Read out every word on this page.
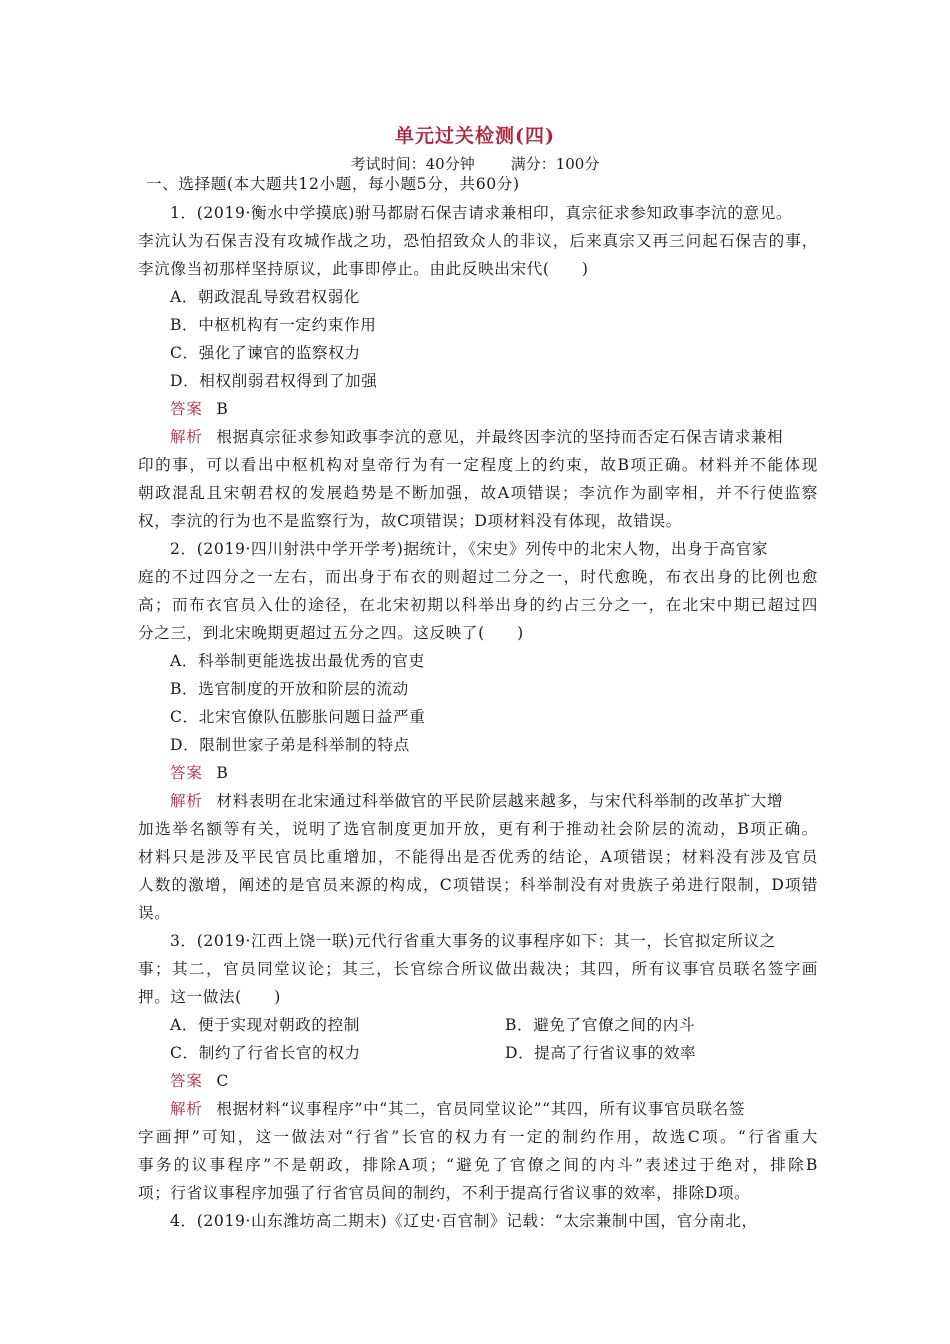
单元过关检测(四)
考试时间：40分钟 满分：100分
一、选择题(本大题共12小题，每小题5分，共60分)
1．(2019·衡水中学摸底)驸马都尉石保吉请求兼相印，真宗征求参知政事李沆的意见。
李沆认为石保吉没有攻城作战之功，恐怕招致众人的非议，后来真宗又再三问起石保吉的事，
李沆像当初那样坚持原议，此事即停止。由此反映出宋代(　　)
A．朝政混乱导致君权弱化
B．中枢机构有一定约束作用
C．强化了谏官的监察权力
D．相权削弱君权得到了加强
答案 B
解析 根据真宗征求参知政事李沆的意见，并最终因李沆的坚持而否定石保吉请求兼相
印的事，可以看出中枢机构对皇帝行为有一定程度上的约束，故B项正确。材料并不能体现
朝政混乱且宋朝君权的发展趋势是不断加强，故A项错误；李沆作为副宰相，并不行使监察
权，李沆的行为也不是监察行为，故C项错误；D项材料没有体现，故错误。
2．(2019·四川射洪中学开学考)据统计，《宋史》列传中的北宋人物，出身于高官家
庭的不过四分之一左右，而出身于布衣的则超过二分之一，时代愈晚，布衣出身的比例也愈
高；而布衣官员入仕的途径，在北宋初期以科举出身的约占三分之一，在北宋中期已超过四
分之三，到北宋晚期更超过五分之四。这反映了(　　)
A．科举制更能选拔出最优秀的官吏
B．选官制度的开放和阶层的流动
C．北宋官僚队伍膨胀问题日益严重
D．限制世家子弟是科举制的特点
答案 B
解析 材料表明在北宋通过科举做官的平民阶层越来越多，与宋代科举制的改革扩大增
加选举名额等有关，说明了选官制度更加开放，更有利于推动社会阶层的流动，B项正确。
材料只是涉及平民官员比重增加，不能得出是否优秀的结论，A项错误；材料没有涉及官员
人数的激增，阐述的是官员来源的构成，C项错误；科举制没有对贵族子弟进行限制，D项错
误。
3．(2019·江西上饶一联)元代行省重大事务的议事程序如下：其一，长官拟定所议之
事；其二，官员同堂议论；其三，长官综合所议做出裁决；其四，所有议事官员联名签字画
押。这一做法(　　)
A．便于实现对朝政的控制	B．避免了官僚之间的内斗
C．制约了行省长官的权力	D．提高了行省议事的效率
答案 C
解析 根据材料“议事程序”中“其二，官员同堂议论”“其四，所有议事官员联名签
字画押”可知，这一做法对“行省”长官的权力有一定的制约作用，故选C项。“行省重大
事务的议事程序”不是朝政，排除A项；“避免了官僚之间的内斗”表述过于绝对，排除B
项；行省议事程序加强了行省官员间的制约，不利于提高行省议事的效率，排除D项。
4．(2019·山东潍坊高二期末)《辽史·百官制》记载：“太宗兼制中国，官分南北，
